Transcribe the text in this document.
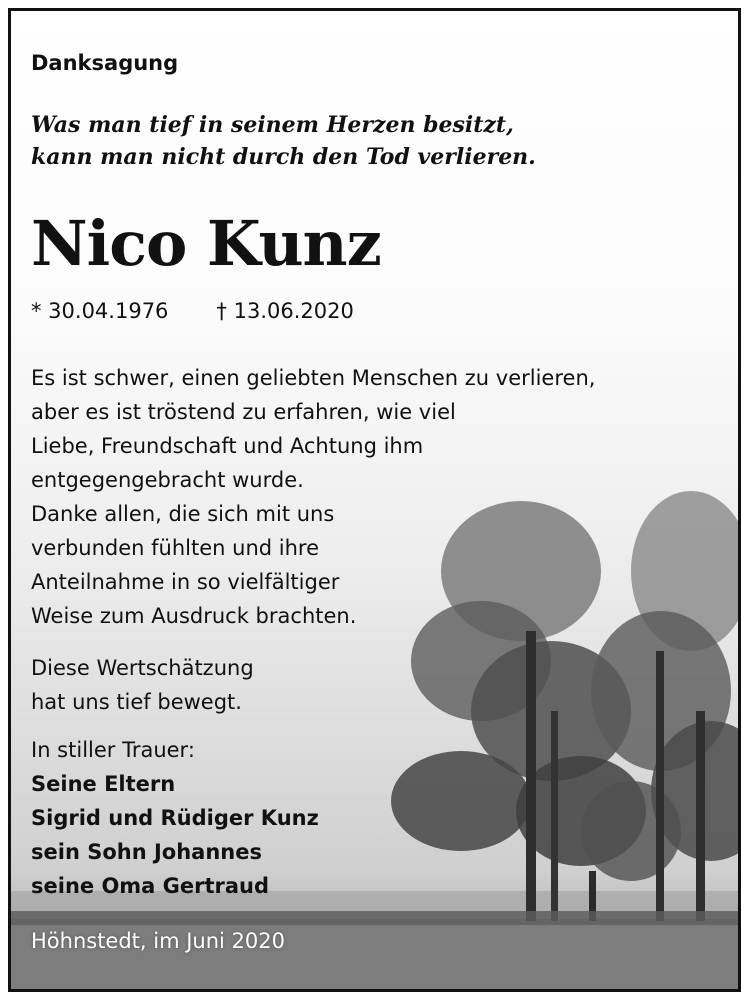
Danksagung
Was man tief in seinem Herzen besitzt,
kann man nicht durch den Tod verlieren.
Nico Kunz
* 30.04.1976 † 13.06.2020
Es ist schwer, einen geliebten Menschen zu verlieren,
aber es ist tröstend zu erfahren, wie viel
Liebe, Freundschaft und Achtung ihm
entgegengebracht wurde.
Danke allen, die sich mit uns
verbunden fühlten und ihre
Anteilnahme in so vielfältiger
Weise zum Ausdruck brachten.
Diese Wertschätzung
hat uns tief bewegt.
In stiller Trauer:
Seine Eltern
Sigrid und Rüdiger Kunz
sein Sohn Johannes
seine Oma Gertraud
Höhnstedt, im Juni 2020
